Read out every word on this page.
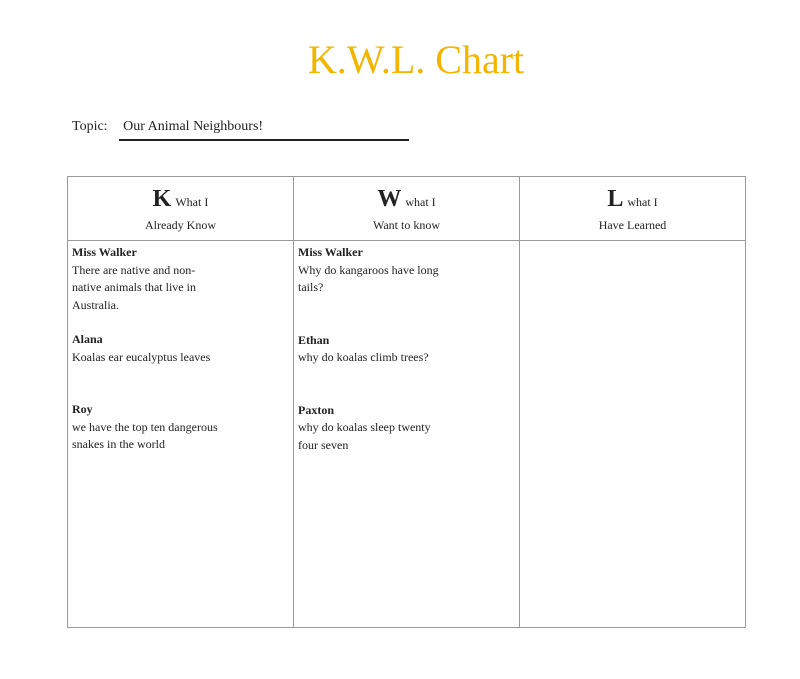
K.W.L. Chart
Topic: Our Animal Neighbours!
K What I
Already Know
Wwhat I
Want to know
Lwhat I
Have Learned
Miss Walker
There are native and non-native animals that live in Australia.
Alana
Koalas ear eucalyptus leaves
Roy
we have the top ten dangerous snakes in the world
Miss Walker
Why do kangaroos have long tails?
Ethan
why do koalas climb trees?
Paxton
why do koalas sleep twenty four seven
